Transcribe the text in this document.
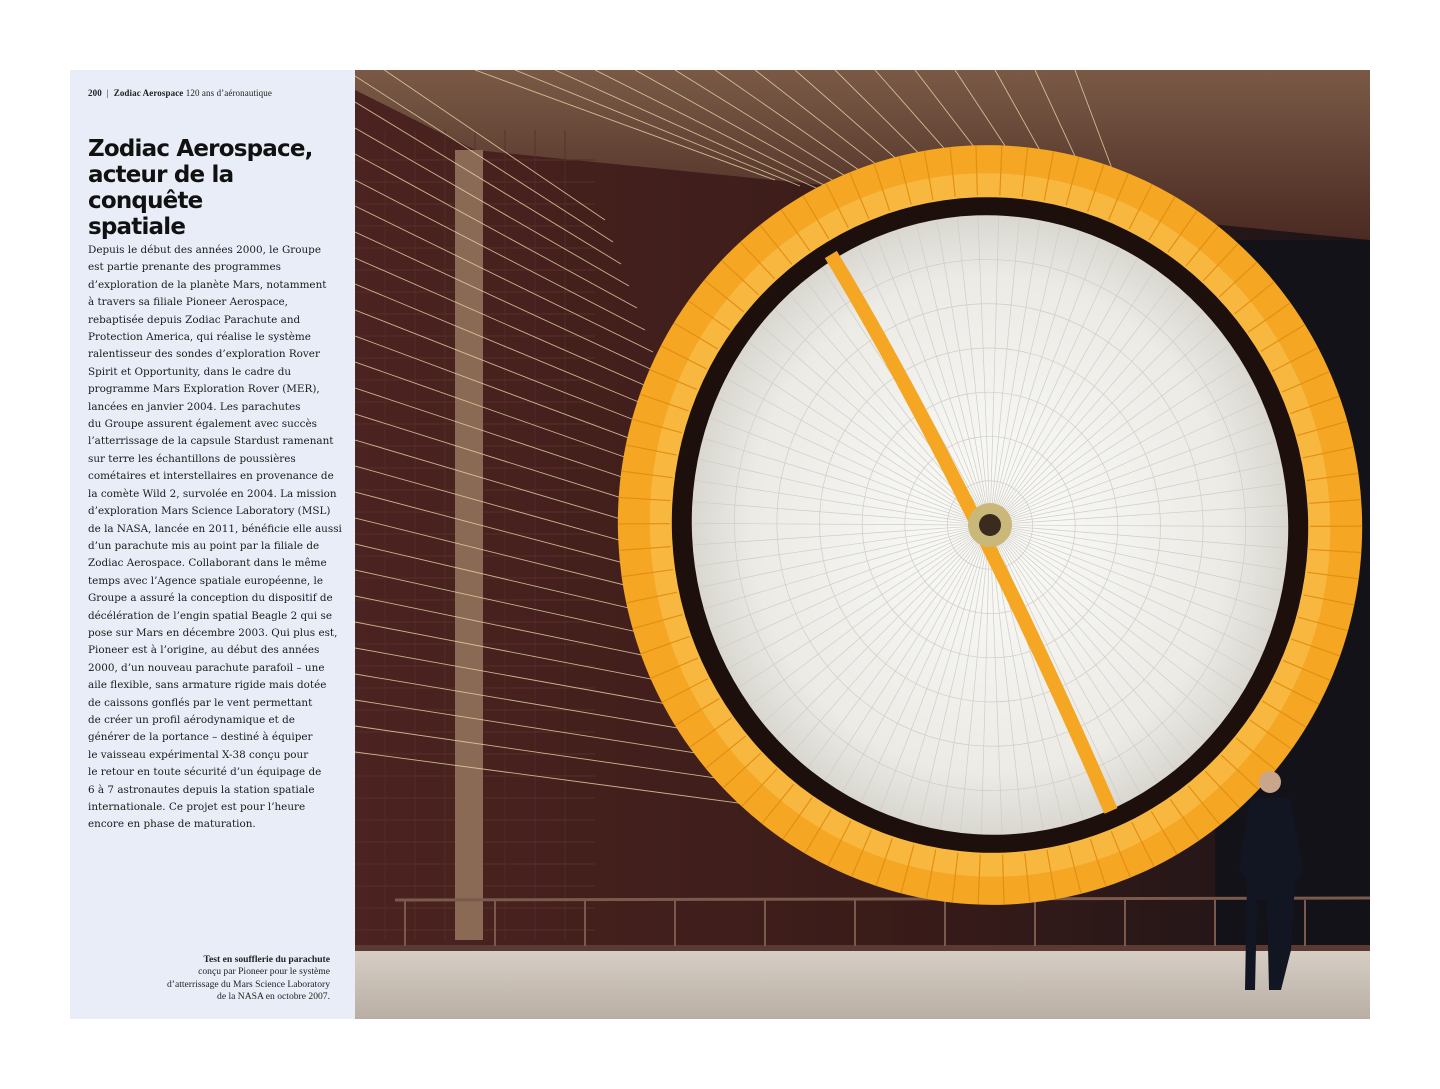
200 | Zodiac Aerospace 120 ans d’aéronautique
Zodiac Aerospace,
acteur de la conquête
spatiale
Depuis le début des années 2000, le Groupe
est partie prenante des programmes
d’exploration de la planète Mars, notamment
à travers sa filiale Pioneer Aerospace,
rebaptisée depuis Zodiac Parachute and
Protection America, qui réalise le système
ralentisseur des sondes d’exploration Rover
Spirit et Opportunity, dans le cadre du
programme Mars Exploration Rover (MER),
lancées en janvier 2004. Les parachutes
du Groupe assurent également avec succès
l’atterrissage de la capsule Stardust ramenant
sur terre les échantillons de poussières
cométaires et interstellaires en provenance de
la comète Wild 2, survolée en 2004. La mission
d’exploration Mars Science Laboratory (MSL)
de la NASA, lancée en 2011, bénéficie elle aussi
d’un parachute mis au point par la filiale de
Zodiac Aerospace. Collaborant dans le même
temps avec l’Agence spatiale européenne, le
Groupe a assuré la conception du dispositif de
décélération de l’engin spatial Beagle 2 qui se
pose sur Mars en décembre 2003. Qui plus est,
Pioneer est à l’origine, au début des années
2000, d’un nouveau parachute parafoil – une
aile flexible, sans armature rigide mais dotée
de caissons gonflés par le vent permettant
de créer un profil aérodynamique et de
générer de la portance – destiné à équiper
le vaisseau expérimental X-38 conçu pour
le retour en toute sécurité d’un équipage de
6 à 7 astronautes depuis la station spatiale
internationale. Ce projet est pour l’heure
encore en phase de maturation.
Test en soufflerie du parachute
conçu par Pioneer pour le système
d’atterrissage du Mars Science Laboratory
de la NASA en octobre 2007.
